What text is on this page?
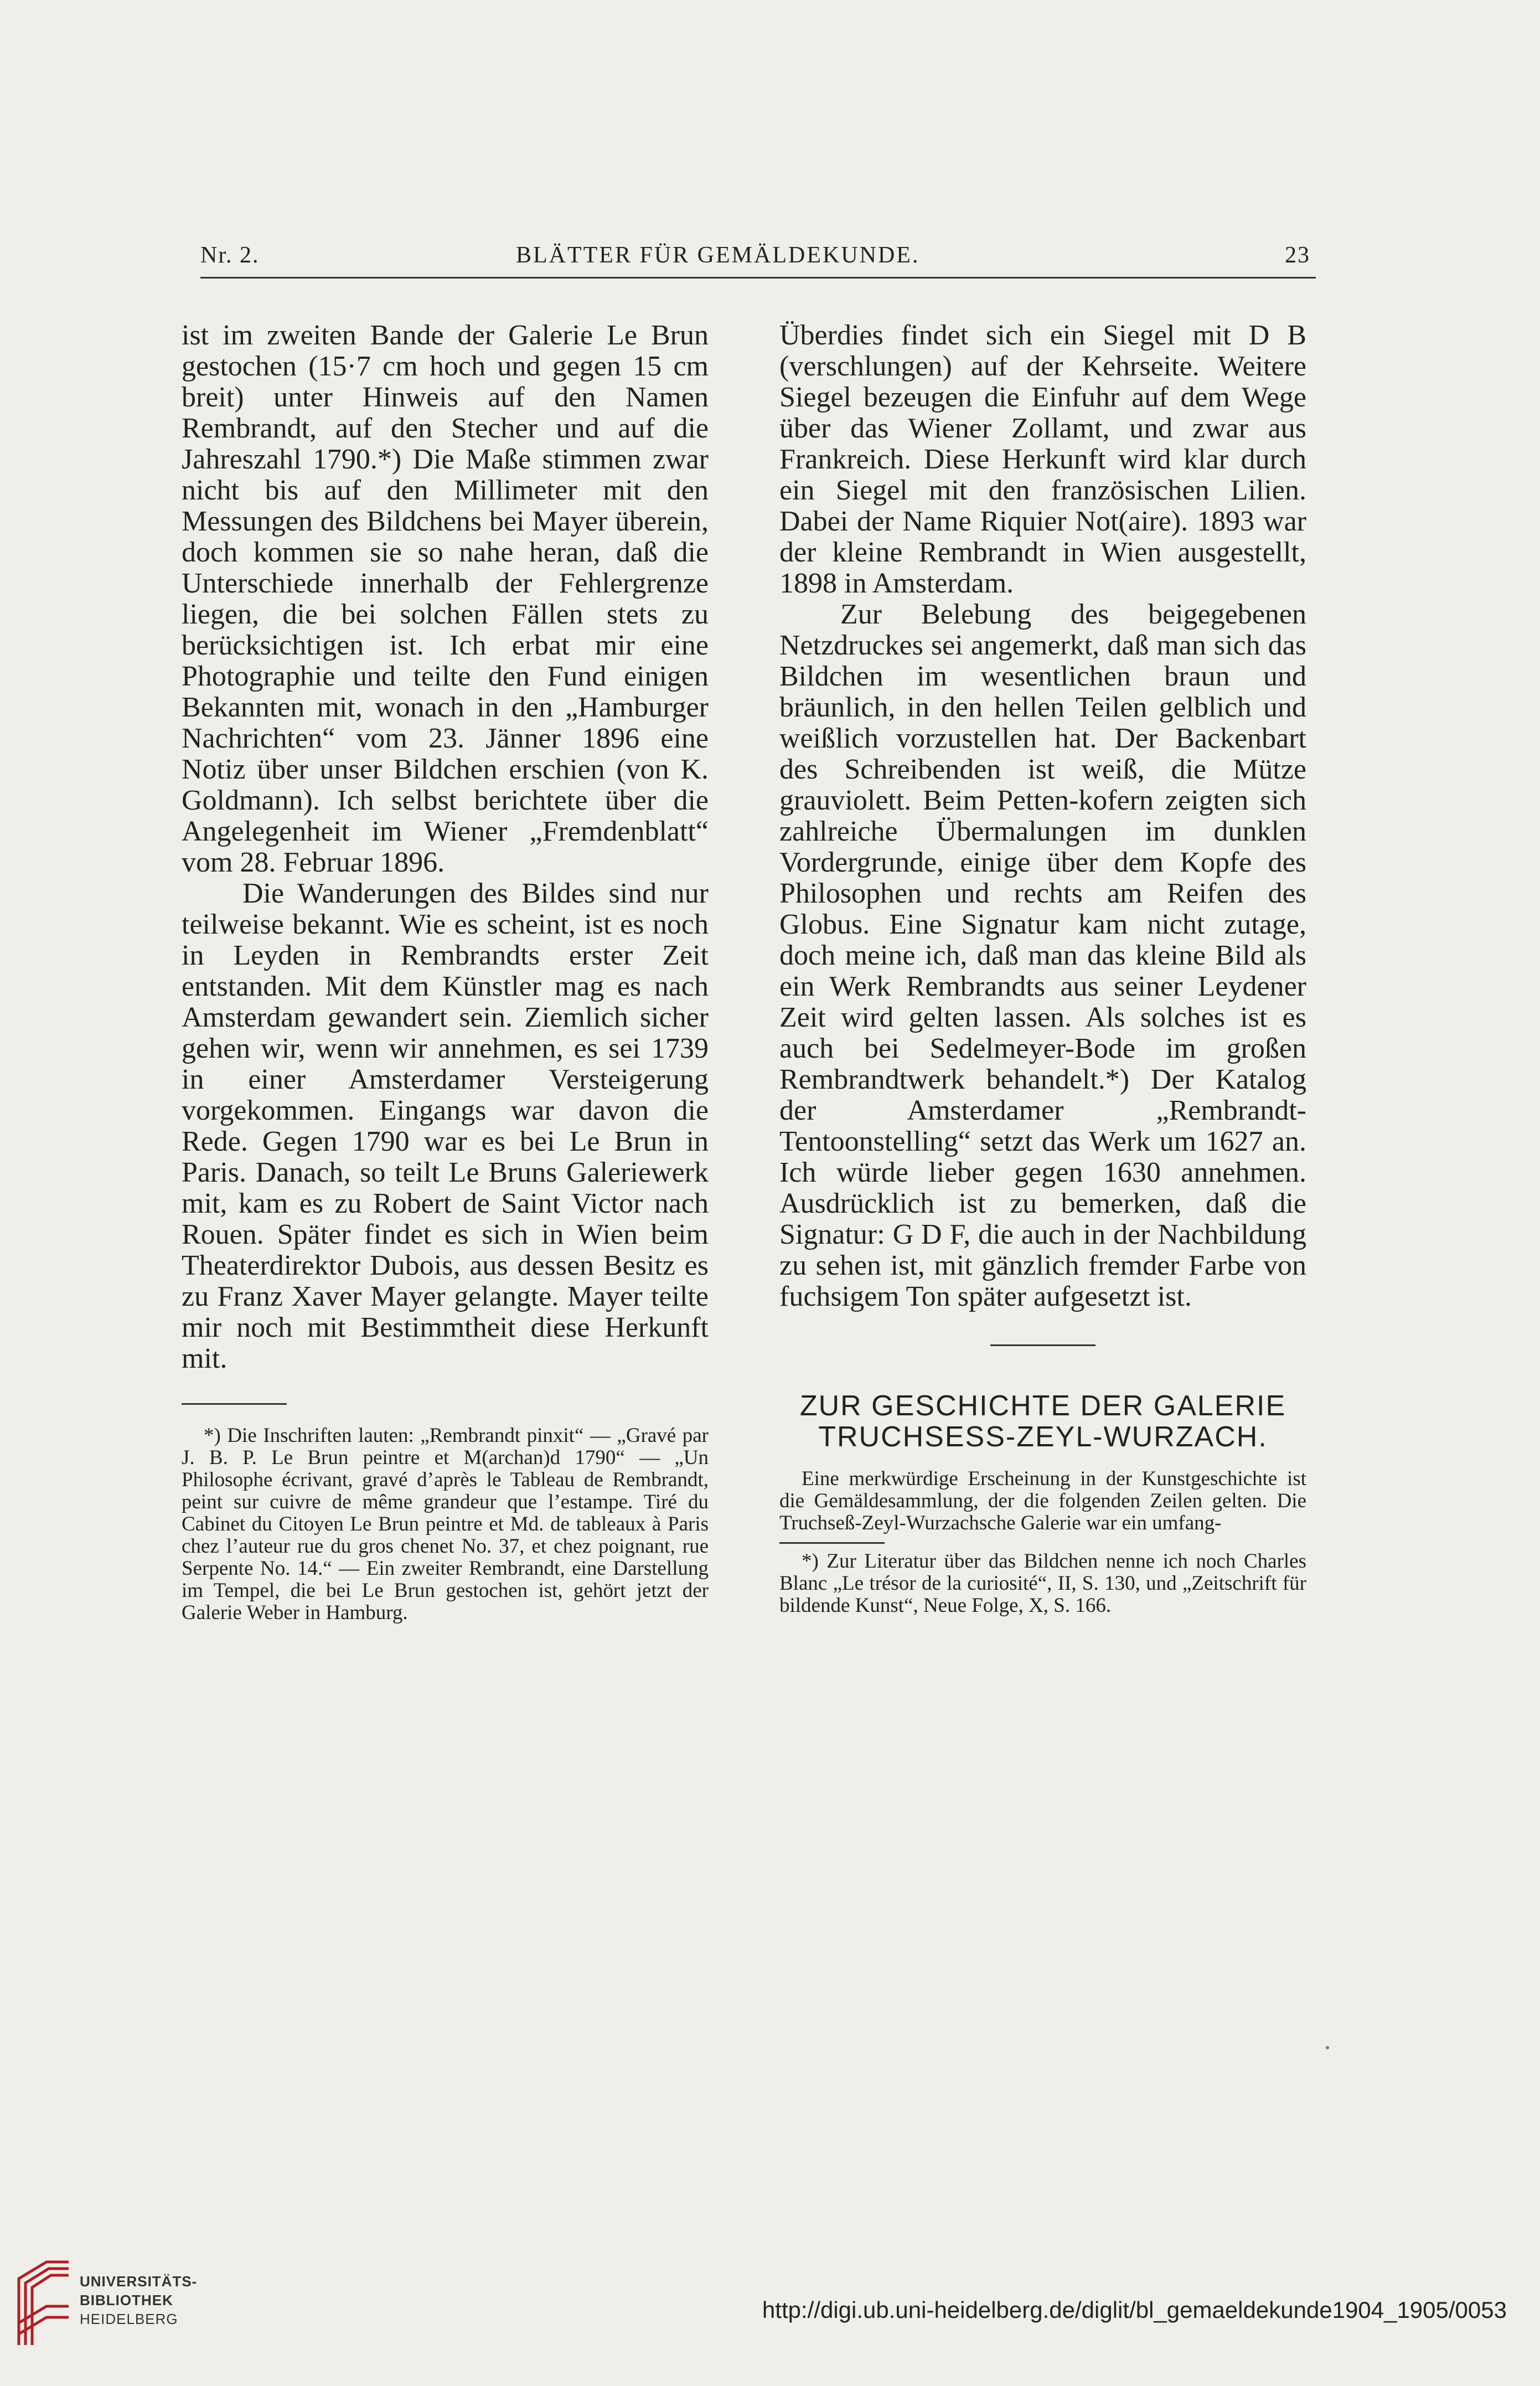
Nr. 2.	BLÄTTER FÜR GEMÄLDEKUNDE.	23

ist im zweiten Bande der Galerie Le Brun gestochen (15·7 cm hoch und gegen 15 cm breit) unter Hinweis auf den Namen Rembrandt, auf den Stecher und auf die Jahreszahl 1790.*) Die Maße stimmen zwar nicht bis auf den Millimeter mit den Messungen des Bildchens bei Mayer überein, doch kommen sie so nahe heran, daß die Unterschiede innerhalb der Fehlergrenze liegen, die bei solchen Fällen stets zu berücksichtigen ist. Ich erbat mir eine Photographie und teilte den Fund einigen Bekannten mit, wonach in den „Hamburger Nachrichten“ vom 23. Jänner 1896 eine Notiz über unser Bildchen erschien (von K. Goldmann). Ich selbst berichtete über die Angelegenheit im Wiener „Fremdenblatt“ vom 28. Februar 1896.

Die Wanderungen des Bildes sind nur teilweise bekannt. Wie es scheint, ist es noch in Leyden in Rembrandts erster Zeit entstanden. Mit dem Künstler mag es nach Amsterdam gewandert sein. Ziemlich sicher gehen wir, wenn wir annehmen, es sei 1739 in einer Amsterdamer Versteigerung vorgekommen. Eingangs war davon die Rede. Gegen 1790 war es bei Le Brun in Paris. Danach, so teilt Le Bruns Galeriewerk mit, kam es zu Robert de Saint Victor nach Rouen. Später findet es sich in Wien beim Theaterdirektor Dubois, aus dessen Besitz es zu Franz Xaver Mayer gelangte. Mayer teilte mir noch mit Bestimmtheit diese Herkunft mit.

*) Die Inschriften lauten: „Rembrandt pinxit“ — „Gravé par J. B. P. Le Brun peintre et M(archan)d 1790“ — „Un Philosophe écrivant, gravé d’après le Tableau de Rembrandt, peint sur cuivre de même grandeur que l’estampe. Tiré du Cabinet du Citoyen Le Brun peintre et Md. de tableaux à Paris chez l’auteur rue du gros chenet No. 37, et chez poignant, rue Serpente No. 14.“ — Ein zweiter Rembrandt, eine Darstellung im Tempel, die bei Le Brun gestochen ist, gehört jetzt der Galerie Weber in Hamburg.

Überdies findet sich ein Siegel mit D B (verschlungen) auf der Kehrseite. Weitere Siegel bezeugen die Einfuhr auf dem Wege über das Wiener Zollamt, und zwar aus Frankreich. Diese Herkunft wird klar durch ein Siegel mit den französischen Lilien. Dabei der Name Riquier Not(aire). 1893 war der kleine Rembrandt in Wien ausgestellt, 1898 in Amsterdam.

Zur Belebung des beigegebenen Netzdruckes sei angemerkt, daß man sich das Bildchen im wesentlichen braun und bräunlich, in den hellen Teilen gelblich und weißlich vorzustellen hat. Der Backenbart des Schreibenden ist weiß, die Mütze grauviolett. Beim Petten-kofern zeigten sich zahlreiche Übermalungen im dunklen Vordergrunde, einige über dem Kopfe des Philosophen und rechts am Reifen des Globus. Eine Signatur kam nicht zutage, doch meine ich, daß man das kleine Bild als ein Werk Rembrandts aus seiner Leydener Zeit wird gelten lassen. Als solches ist es auch bei Sedelmeyer-Bode im großen Rembrandtwerk behandelt.*) Der Katalog der Amsterdamer „Rembrandt-Tentoonstelling“ setzt das Werk um 1627 an. Ich würde lieber gegen 1630 annehmen. Ausdrücklich ist zu bemerken, daß die Signatur: G D F, die auch in der Nachbildung zu sehen ist, mit gänzlich fremder Farbe von fuchsigem Ton später aufgesetzt ist.

ZUR GESCHICHTE DER GALERIE
TRUCHSESS-ZEYL-WURZACH.

Eine merkwürdige Erscheinung in der Kunstgeschichte ist die Gemäldesammlung, der die folgenden Zeilen gelten. Die Truchseß-Zeyl-Wurzachsche Galerie war ein umfang-

*) Zur Literatur über das Bildchen nenne ich noch Charles Blanc „Le trésor de la curiosité“, II, S. 130, und „Zeitschrift für bildende Kunst“, Neue Folge, X, S. 166.

UNIVERSITÄTS-
BIBLIOTHEK
HEIDELBERG	http://digi.ub.uni-heidelberg.de/diglit/bl_gemaeldekunde1904_1905/0053
